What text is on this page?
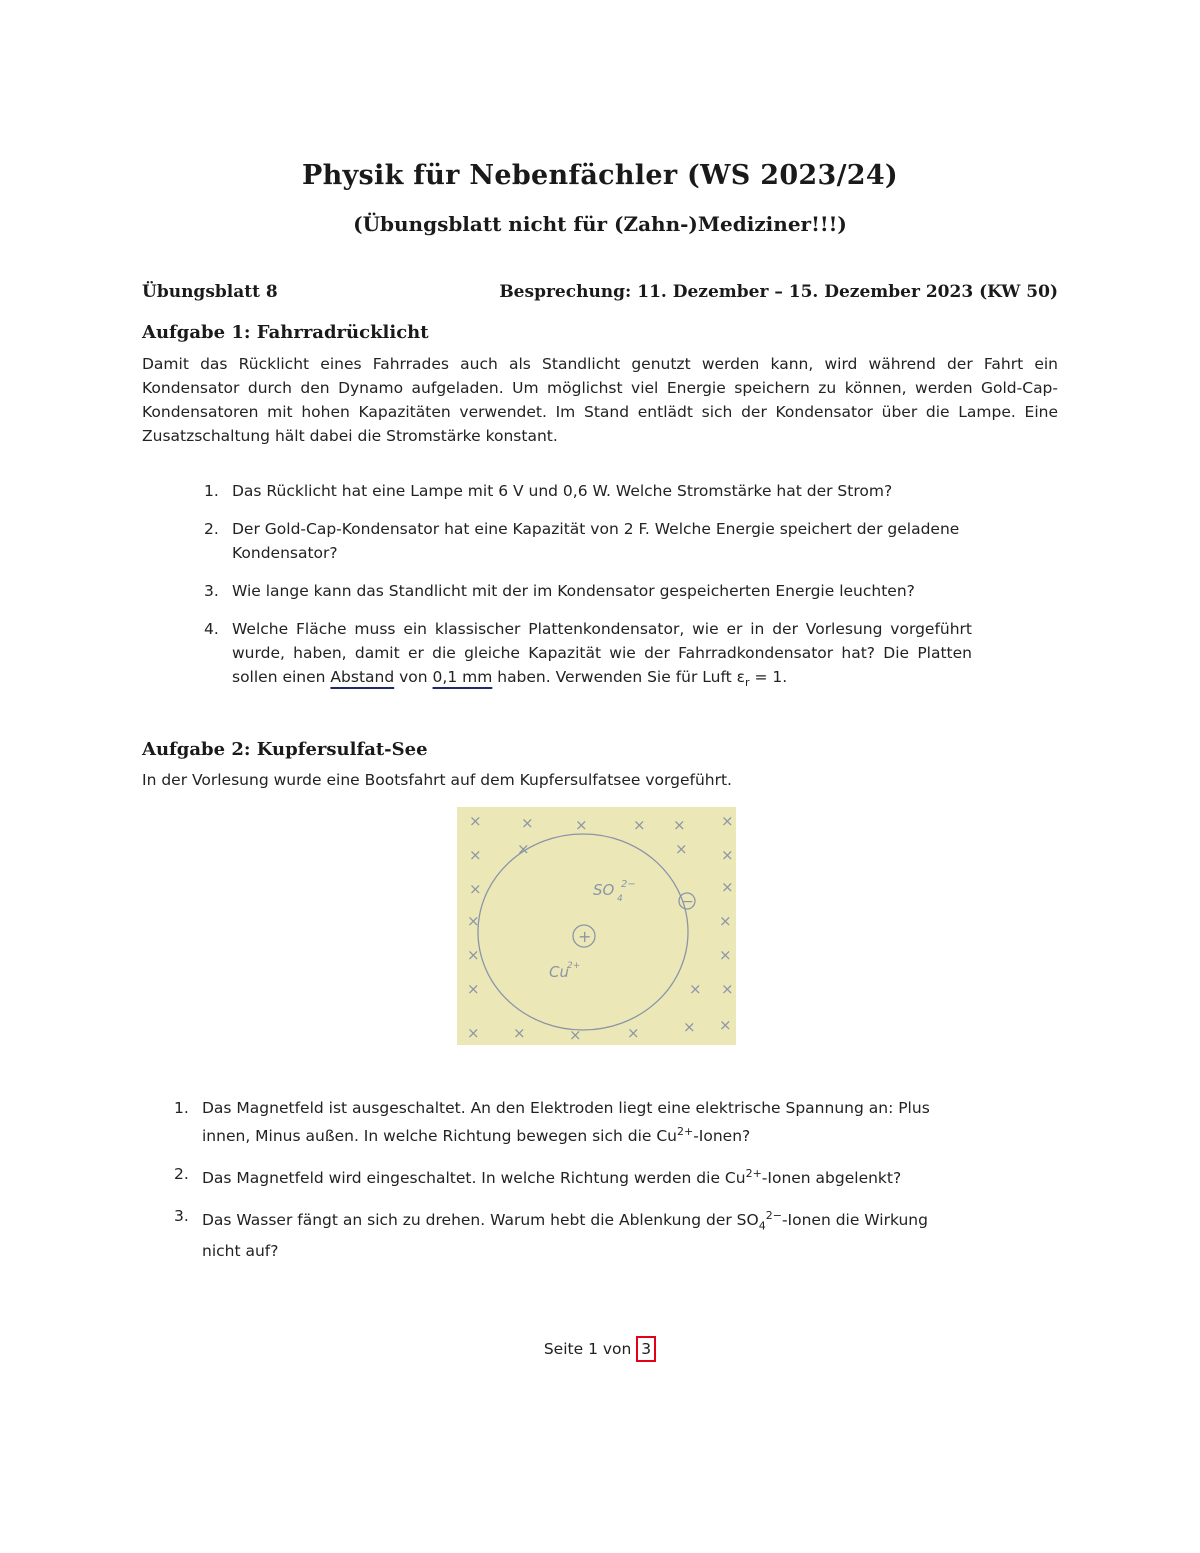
Physik für Nebenfächler (WS 2023/24)
(Übungsblatt nicht für (Zahn-)Mediziner!!!)
Übungsblatt 8	Besprechung: 11. Dezember – 15. Dezember 2023 (KW 50)
Aufgabe 1: Fahrradrücklicht
Damit das Rücklicht eines Fahrrades auch als Standlicht genutzt werden kann, wird während der Fahrt ein Kondensator durch den Dynamo aufgeladen. Um möglichst viel Energie speichern zu können, werden Gold-Cap-Kondensatoren mit hohen Kapazitäten verwendet. Im Stand entlädt sich der Kondensator über die Lampe. Eine Zusatzschaltung hält dabei die Stromstärke konstant.
1. Das Rücklicht hat eine Lampe mit 6 V und 0,6 W. Welche Stromstärke hat der Strom?
2. Der Gold-Cap-Kondensator hat eine Kapazität von 2 F. Welche Energie speichert der geladene Kondensator?
3. Wie lange kann das Standlicht mit der im Kondensator gespeicherten Energie leuchten?
4. Welche Fläche muss ein klassischer Plattenkondensator, wie er in der Vorlesung vorgeführt wurde, haben, damit er die gleiche Kapazität wie der Fahrradkondensator hat? Die Platten sollen einen Abstand von 0,1 mm haben. Verwenden Sie für Luft $\varepsilon_r = 1$.
Aufgabe 2: Kupfersulfat-See
In der Vorlesung wurde eine Bootsfahrt auf dem Kupfersulfatsee vorgeführt.
+
−
Cu
2+
SO 4
2−
×	×	×	× × ×
× ×	× ×
×	×
×	×
×	×
×	× ×
× ×	×	×	× ×
1. Das Magnetfeld ist ausgeschaltet. An den Elektroden liegt eine elektrische Spannung an: Plus innen, Minus außen. In welche Richtung bewegen sich die $Cu^{2+}$-Ionen?
2. Das Magnetfeld wird eingeschaltet. In welche Richtung werden die $Cu^{2+}$-Ionen abgelenkt?
3. Das Wasser fängt an sich zu drehen. Warum hebt die Ablenkung der $SO_4^{2-}$-Ionen die Wirkung nicht auf?
Seite 1 von 3
